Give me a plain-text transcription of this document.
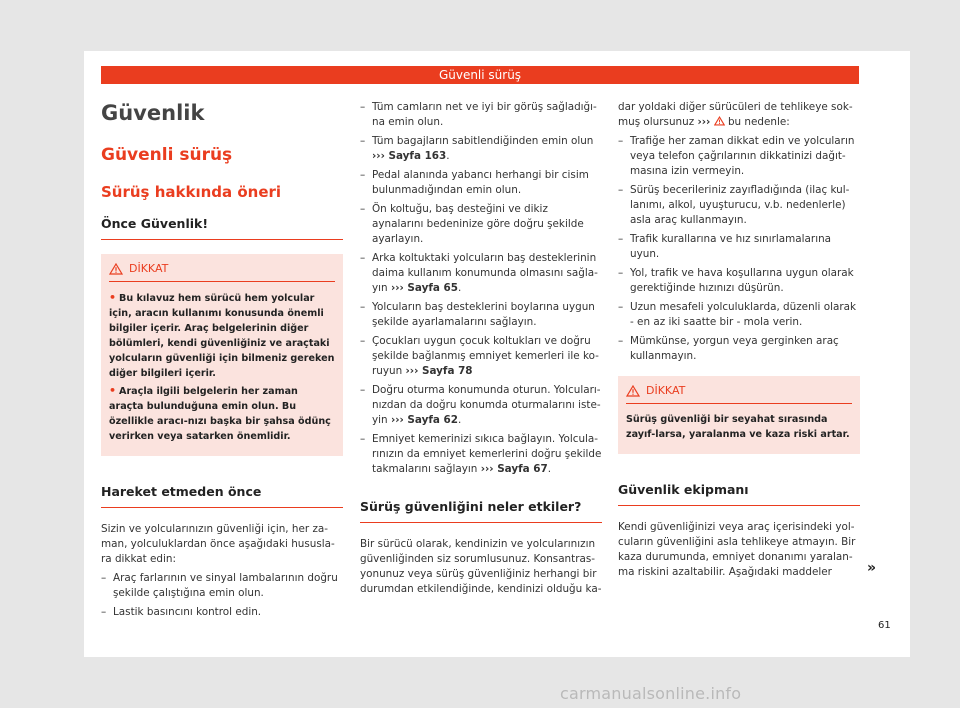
Güvenli sürüş
Güvenlik
Güvenli sürüş
Sürüş hakkında öneri
Önce Güvenlik!
DİKKAT
• Bu kılavuz hem sürücü hem yolcular için, aracın kullanımı konusunda önemli bilgiler içerir. Araç belgelerinin diğer bölümleri, kendi güvenliğiniz ve araçtaki yolcuların güvenliği için bilmeniz gereken diğer bilgileri içerir.
• Araçla ilgili belgelerin her zaman araçta bulunduğuna emin olun. Bu özellikle aracı-nızı başka bir şahsa ödünç verirken veya satarken önemlidir.
Hareket etmeden önce

Sizin ve yolcularınızın güvenliği için, her za-man, yolculuklardan önce aşağıdaki hususla-ra dikkat edin:

– Araç farlarının ve sinyal lambalarının doğru şekilde çalıştığına emin olun.
– Lastik basıncını kontrol edin.
– Tüm camların net ve iyi bir görüş sağladığı-na emin olun.
– Tüm bagajların sabitlendiğinden emin olun ››› Sayfa 163.
– Pedal alanında yabancı herhangi bir cisim bulunmadığından emin olun.
– Ön koltuğu, baş desteğini ve dikiz aynalarını bedeninize göre doğru şekilde ayarlayın.
– Arka koltuktaki yolcuların baş desteklerinin daima kullanım konumunda olmasını sağla-yın ››› Sayfa 65.
– Yolcuların baş desteklerini boylarına uygun şekilde ayarlamalarını sağlayın.
– Çocukları uygun çocuk koltukları ve doğru şekilde bağlanmış emniyet kemerleri ile ko-ruyun ››› Sayfa 78
– Doğru oturma konumunda oturun. Yolcuları-nızdan da doğru konumda oturmalarını iste-yin ››› Sayfa 62.
– Emniyet kemerinizi sıkıca bağlayın. Yolcula-rınızın da emniyet kemerlerini doğru şekilde takmalarını sağlayın ››› Sayfa 67.
Sürüş güvenliğini neler etkiler?

Bir sürücü olarak, kendinizin ve yolcularınızın güvenliğinden siz sorumlusunuz. Konsantras-yonunuz veya sürüş güvenliğiniz herhangi bir durumdan etkilendiğinde, kendinizi olduğu ka-

dar yoldaki diğer sürücüleri de tehlikeye sok-muş olursunuz ››› bu nedenle:

– Trafiğe her zaman dikkat edin ve yolcuların veya telefon çağrılarının dikkatinizi dağıt-masına izin vermeyin.
– Sürüş becerileriniz zayıfladığında (ilaç kul-lanımı, alkol, uyuşturucu, v.b. nedenlerle) asla araç kullanmayın.
– Trafik kurallarına ve hız sınırlamalarına uyun.
– Yol, trafik ve hava koşullarına uygun olarak gerektiğinde hızınızı düşürün.
– Uzun mesafeli yolculuklarda, düzenli olarak - en az iki saatte bir - mola verin.
– Mümkünse, yorgun veya gerginken araç kullanmayın.
DİKKAT
Sürüş güvenliği bir seyahat sırasında zayıf-larsa, yaralanma ve kaza riski artar.
Güvenlik ekipmanı

Kendi güvenliğinizi veya araç içerisindeki yol-cuların güvenliğini asla tehlikeye atmayın. Bir kaza durumunda, emniyet donanımı yaralan-ma riskini azaltabilir. Aşağıdaki maddeler	»
61
carmanualsonline.info
